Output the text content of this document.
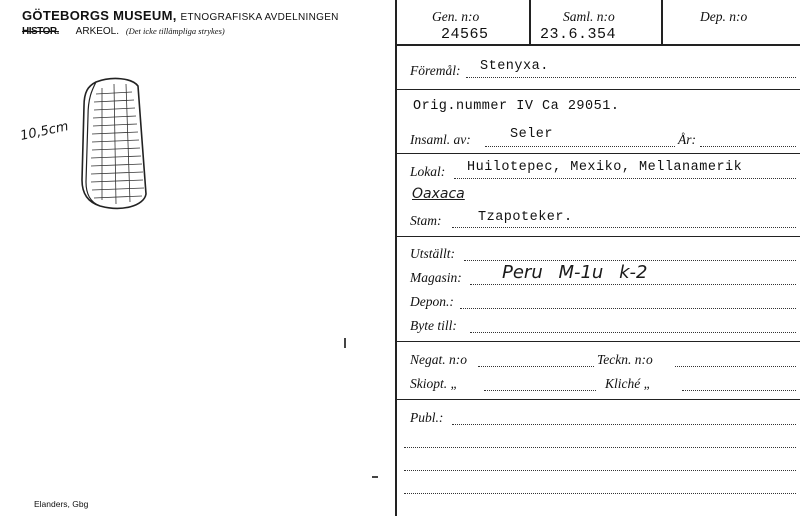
GÖTEBORGS MUSEUM, ETNOGRAFISKA AVDELNINGEN
HISTOR. ARKEOL. (Det icke tillämpliga strykes)
10,5cm
Elanders, Gbg
Gen. n:o
24565
Saml. n:o
23.6.354
Dep. n:o
Föremål: Stenyxa.
Orig.nummer IV Ca 29051.
Insaml. av:	Seler	År:
Lokal: Huilotepec, Mexiko, Mellanamerik
Oaxaca
Stam:	Tzapoteker.
Utställt:
Magasin: Peru M-1u k-2
Depon.:
Byte till:
Negat. n:o	Teckn. n:o
Skiopt. „	Kliché „
Publ.:
